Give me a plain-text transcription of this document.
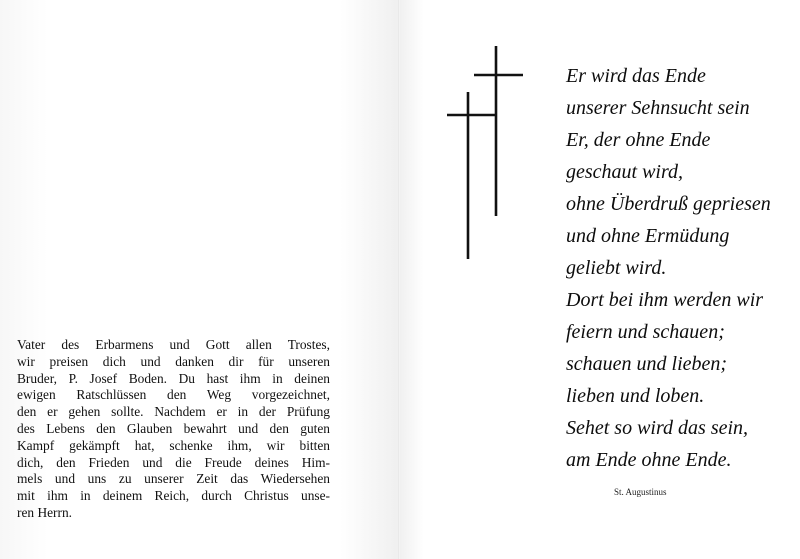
Vater des Erbarmens und Gott allen Trostes,
wir preisen dich und danken dir für unseren
Bruder, P. Josef Boden. Du hast ihm in deinen
ewigen Ratschlüssen den Weg vorgezeichnet,
den er gehen sollte. Nachdem er in der Prüfung
des Lebens den Glauben bewahrt und den guten
Kampf gekämpft hat, schenke ihm, wir bitten
dich, den Frieden und die Freude deines Him-
mels und uns zu unserer Zeit das Wiedersehen
mit ihm in deinem Reich, durch Christus unse-
ren Herrn.

Er wird das Ende
unserer Sehnsucht sein
Er, der ohne Ende
geschaut wird,
ohne Überdruß gepriesen
und ohne Ermüdung
geliebt wird.
Dort bei ihm werden wir
feiern und schauen;
schauen und lieben;
lieben und loben.
Sehet so wird das sein,
am Ende ohne Ende.
St. Augustinus
